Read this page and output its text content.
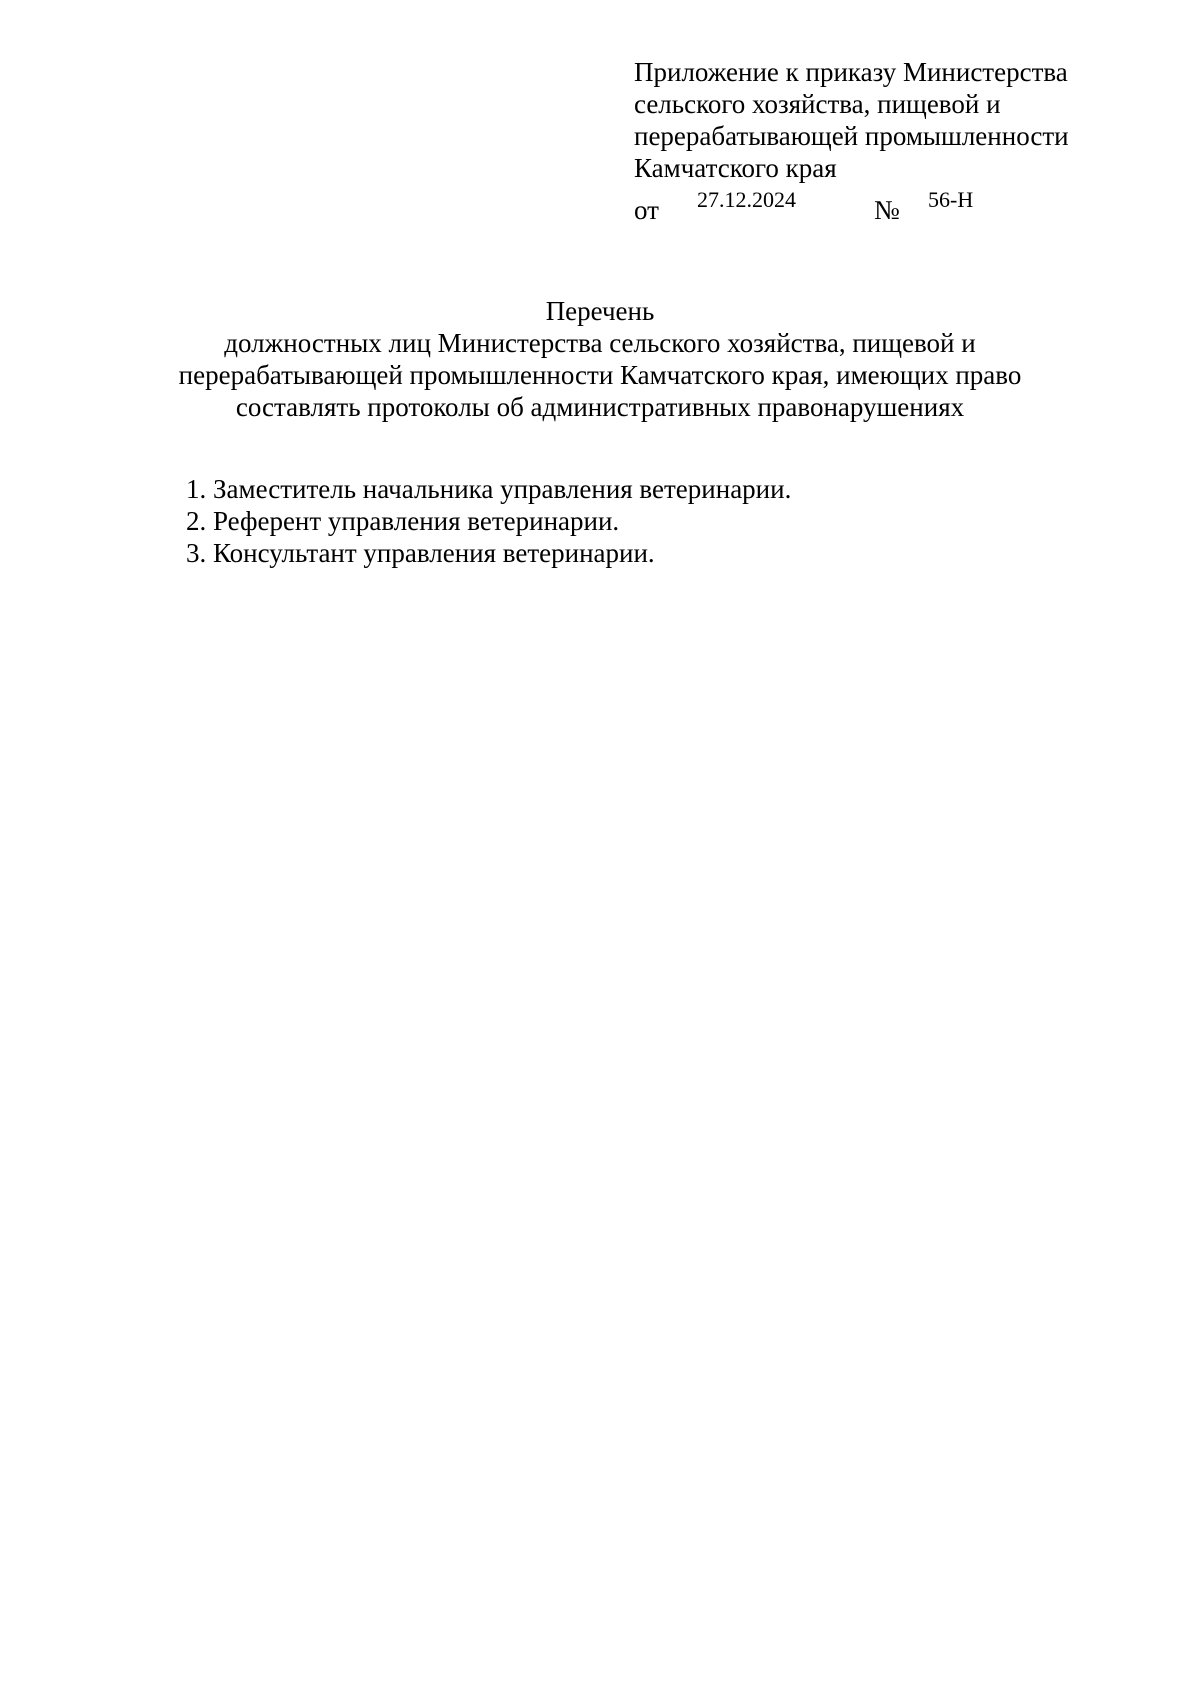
Приложение к приказу Министерства
сельского хозяйства, пищевой и
перерабатывающей промышленности
Камчатского края
от 27.12.2024	№ 56-Н
Перечень
должностных лиц Министерства сельского хозяйства, пищевой и
перерабатывающей промышленности Камчатского края, имеющих право
составлять протоколы об административных правонарушениях
1. Заместитель начальника управления ветеринарии.
2. Референт управления ветеринарии.
3. Консультант управления ветеринарии.
